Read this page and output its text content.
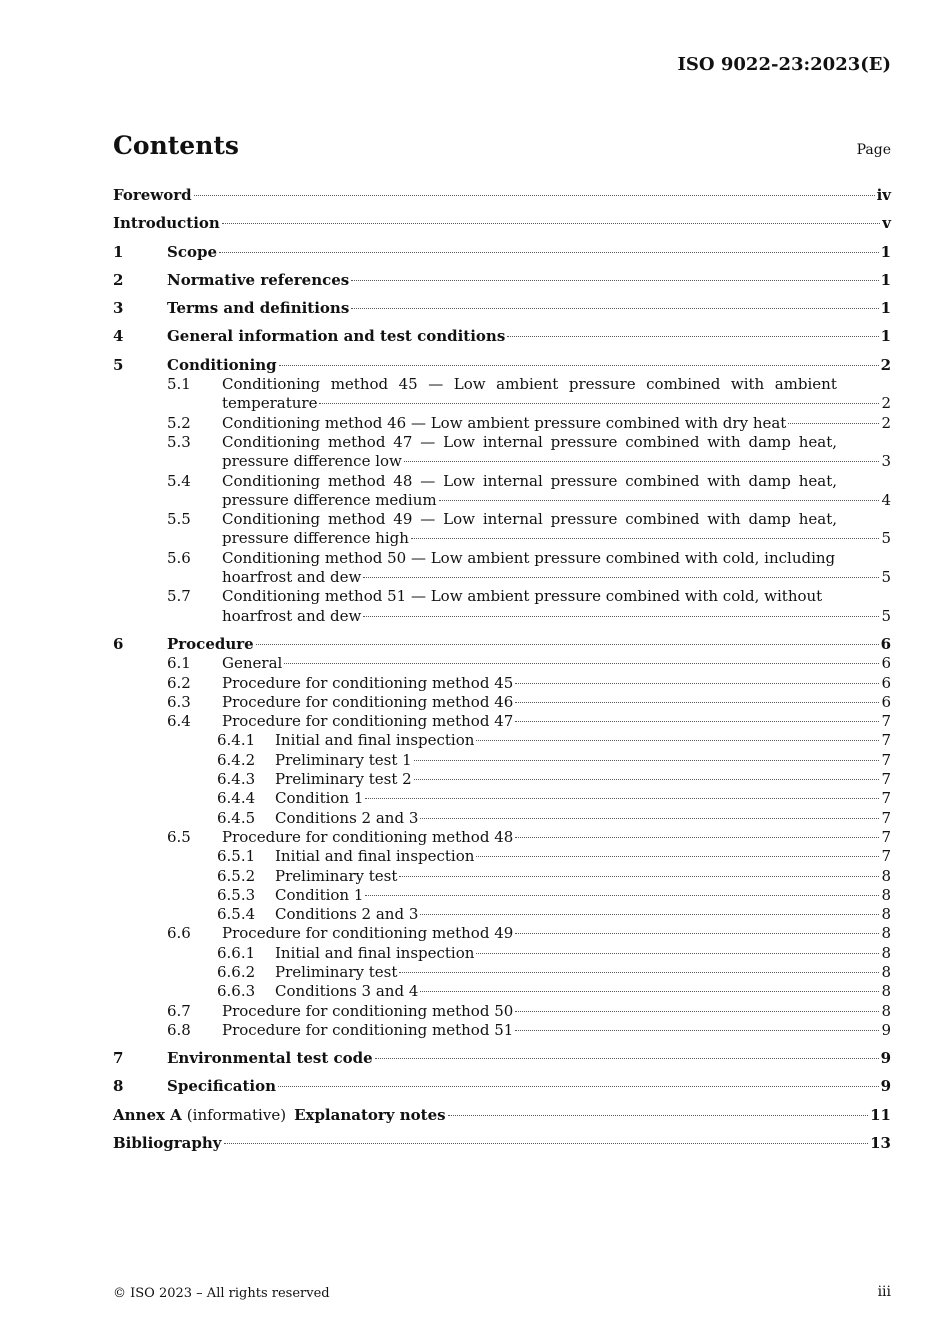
ISO 9022-23:2023(E)
Contents	Page
Foreword	iv
Introduction	v
1	Scope	1
2	Normative references	1
3	Terms and definitions	1
4	General information and test conditions	1
5	Conditioning	2
5.1	Conditioning method 45 — Low ambient pressure combined with ambient
temperature	2
5.2	Conditioning method 46 — Low ambient pressure combined with dry heat	2
5.3	Conditioning method 47 — Low internal pressure combined with damp heat,
pressure difference low	3
5.4	Conditioning method 48 — Low internal pressure combined with damp heat,
pressure difference medium	4
5.5	Conditioning method 49 — Low internal pressure combined with damp heat,
pressure difference high	5
5.6	Conditioning method 50 — Low ambient pressure combined with cold, including
hoarfrost and dew	5
5.7	Conditioning method 51 — Low ambient pressure combined with cold, without
hoarfrost and dew	5
6	Procedure	6
6.1	General	6
6.2	Procedure for conditioning method 45	6
6.3	Procedure for conditioning method 46	6
6.4	Procedure for conditioning method 47	7
6.4.1	Initial and final inspection	7
6.4.2	Preliminary test 1	7
6.4.3	Preliminary test 2	7
6.4.4	Condition 1	7
6.4.5	Conditions 2 and 3	7
6.5	Procedure for conditioning method 48	7
6.5.1	Initial and final inspection	7
6.5.2	Preliminary test	8
6.5.3	Condition 1	8
6.5.4	Conditions 2 and 3	8
6.6	Procedure for conditioning method 49	8
6.6.1	Initial and final inspection	8
6.6.2	Preliminary test	8
6.6.3	Conditions 3 and 4	8
6.7	Procedure for conditioning method 50	8
6.8	Procedure for conditioning method 51	9
7	Environmental test code	9
8	Specification	9
Annex A (informative) Explanatory notes	11
Bibliography	13
© ISO 2023 – All rights reserved	iii
